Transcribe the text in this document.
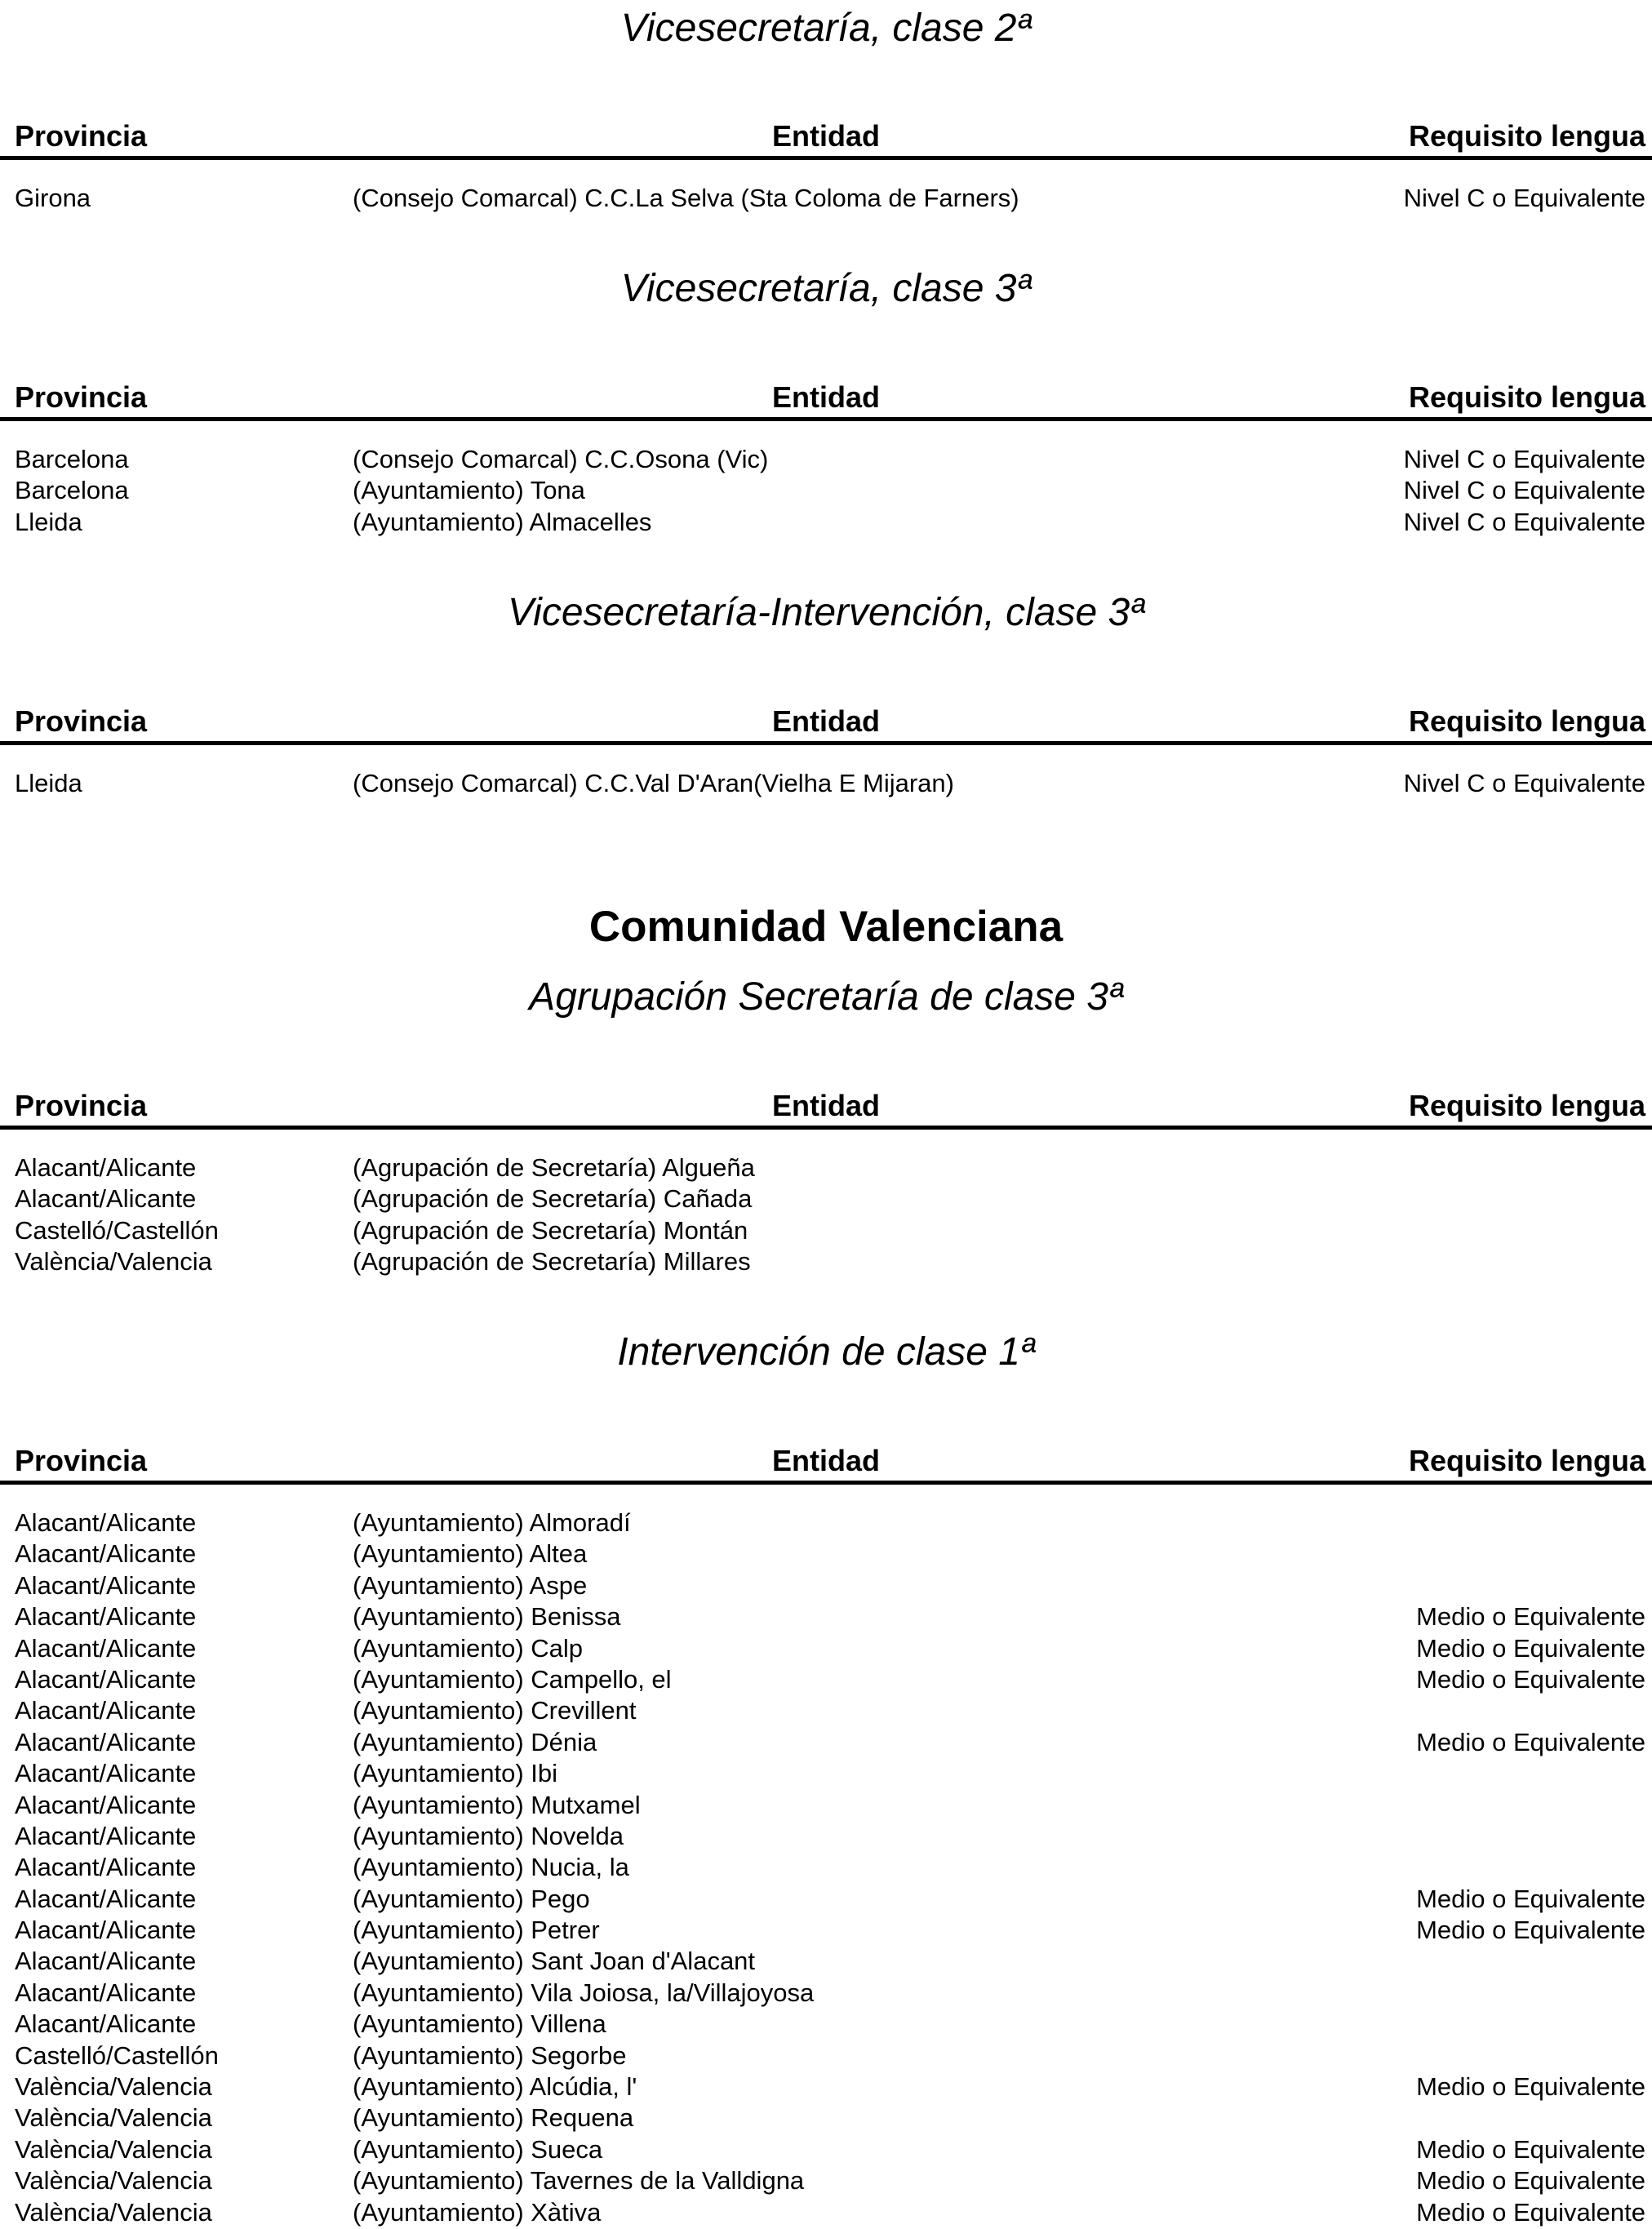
Vicesecretaría, clase 2ª
Provincia	Entidad	Requisito lengua
Girona	(Consejo Comarcal) C.C.La Selva (Sta Coloma de Farners)	Nivel C o Equivalente
Vicesecretaría, clase 3ª
Provincia	Entidad	Requisito lengua
Barcelona	(Consejo Comarcal) C.C.Osona (Vic)	Nivel C o Equivalente
Barcelona	(Ayuntamiento) Tona	Nivel C o Equivalente
Lleida	(Ayuntamiento) Almacelles	Nivel C o Equivalente
Vicesecretaría-Intervención, clase 3ª
Provincia	Entidad	Requisito lengua
Lleida	(Consejo Comarcal) C.C.Val D'Aran(Vielha E Mijaran)	Nivel C o Equivalente
Comunidad Valenciana
Agrupación Secretaría de clase 3ª
Provincia	Entidad	Requisito lengua
Alacant/Alicante	(Agrupación de Secretaría) Algueña
Alacant/Alicante	(Agrupación de Secretaría) Cañada
Castelló/Castellón	(Agrupación de Secretaría) Montán
València/Valencia	(Agrupación de Secretaría) Millares
Intervención de clase 1ª
Provincia	Entidad	Requisito lengua
Alacant/Alicante	(Ayuntamiento) Almoradí
Alacant/Alicante	(Ayuntamiento) Altea
Alacant/Alicante	(Ayuntamiento) Aspe
Alacant/Alicante	(Ayuntamiento) Benissa	Medio o Equivalente
Alacant/Alicante	(Ayuntamiento) Calp	Medio o Equivalente
Alacant/Alicante	(Ayuntamiento) Campello, el	Medio o Equivalente
Alacant/Alicante	(Ayuntamiento) Crevillent
Alacant/Alicante	(Ayuntamiento) Dénia	Medio o Equivalente
Alacant/Alicante	(Ayuntamiento) Ibi
Alacant/Alicante	(Ayuntamiento) Mutxamel
Alacant/Alicante	(Ayuntamiento) Novelda
Alacant/Alicante	(Ayuntamiento) Nucia, la
Alacant/Alicante	(Ayuntamiento) Pego	Medio o Equivalente
Alacant/Alicante	(Ayuntamiento) Petrer	Medio o Equivalente
Alacant/Alicante	(Ayuntamiento) Sant Joan d'Alacant
Alacant/Alicante	(Ayuntamiento) Vila Joiosa, la/Villajoyosa
Alacant/Alicante	(Ayuntamiento) Villena
Castelló/Castellón	(Ayuntamiento) Segorbe
València/Valencia	(Ayuntamiento) Alcúdia, l'	Medio o Equivalente
València/Valencia	(Ayuntamiento) Requena
València/Valencia	(Ayuntamiento) Sueca	Medio o Equivalente
València/Valencia	(Ayuntamiento) Tavernes de la Valldigna	Medio o Equivalente
València/Valencia	(Ayuntamiento) Xàtiva	Medio o Equivalente
